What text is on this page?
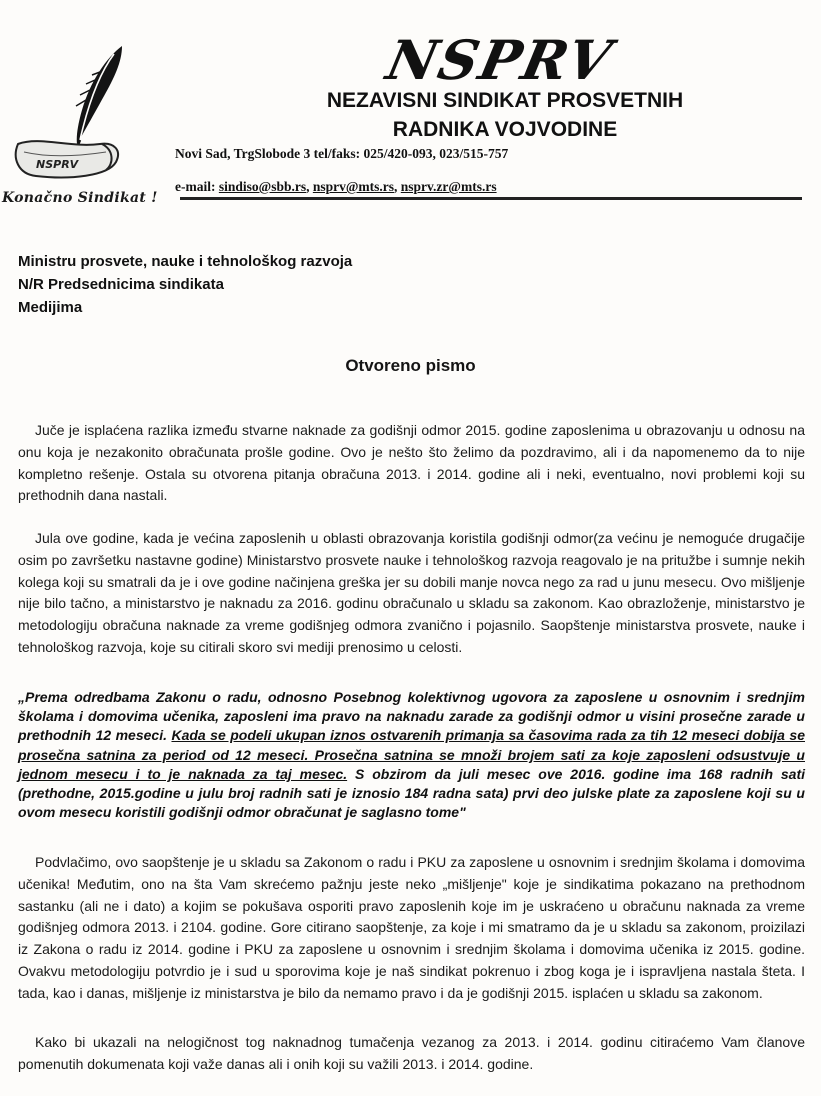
NSPRV
Konačno Sindikat !
NSPRV
NEZAVISNI SINDIKAT PROSVETNIH
RADNIKA VOJVODINE
Novi Sad, TrgSlobode 3 tel/faks: 025/420-093, 023/515-757
e-mail: sindiso@sbb.rs, nsprv@mts.rs, nsprv.zr@mts.rs
Ministru prosvete, nauke i tehnološkog razvoja
N/R Predsednicima sindikata
Medijima
Otvoreno pismo

Juče je isplaćena razlika između stvarne naknade za godišnji odmor 2015. godine zaposlenima u obrazovanju u odnosu na onu koja je nezakonito obračunata prošle godine. Ovo je nešto što želimo da pozdravimo, ali i da napomenemo da to nije kompletno rešenje. Ostala su otvorena pitanja obračuna 2013. i 2014. godine ali i neki, eventualno, novi problemi koji su prethodnih dana nastali.

Jula ove godine, kada je većina zaposlenih u oblasti obrazovanja koristila godišnji odmor(za većinu je nemoguće drugačije osim po završetku nastavne godine) Ministarstvo prosvete nauke i tehnološkog razvoja reagovalo je na pritužbe i sumnje nekih kolega koji su smatrali da je i ove godine načinjena greška jer su dobili manje novca nego za rad u junu mesecu. Ovo mišljenje nije bilo tačno, a ministarstvo je naknadu za 2016. godinu obračunalo u skladu sa zakonom. Kao obrazloženje, ministarstvo je metodologiju obračuna naknade za vreme godišnjeg odmora zvanično i pojasnilo. Saopštenje ministarstva prosvete, nauke i tehnološkog razvoja, koje su citirali skoro svi mediji prenosimo u celosti.

„Prema odredbama Zakonu o radu, odnosno Posebnog kolektivnog ugovora za zaposlene u osnovnim i srednjim školama i domovima učenika, zaposleni ima pravo na naknadu zarade za godišnji odmor u visini prosečne zarade u prethodnih 12 meseci. Kada se podeli ukupan iznos ostvarenih primanja sa časovima rada za tih 12 meseci dobija se prosečna satnina za period od 12 meseci. Prosečna satnina se množi brojem sati za koje zaposleni odsustvuje u jednom mesecu i to je naknada za taj mesec. S obzirom da juli mesec ove 2016. godine ima 168 radnih sati (prethodne, 2015.godine u julu broj radnih sati je iznosio 184 radna sata) prvi deo julske plate za zaposlene koji su u ovom mesecu koristili godišnji odmor obračunat je saglasno tome"

Podvlačimo, ovo saopštenje je u skladu sa Zakonom o radu i PKU za zaposlene u osnovnim i srednjim školama i domovima učenika! Međutim, ono na šta Vam skrećemo pažnju jeste neko „mišljenje" koje je sindikatima pokazano na prethodnom sastanku (ali ne i dato) a kojim se pokušava osporiti pravo zaposlenih koje im je uskraćeno u obračunu naknada za vreme godišnjeg odmora 2013. i 2104. godine. Gore citirano saopštenje, za koje i mi smatramo da je u skladu sa zakonom, proizilazi iz Zakona o radu iz 2014. godine i PKU za zaposlene u osnovnim i srednjim školama i domovima učenika iz 2015. godine. Ovakvu metodologiju potvrdio je i sud u sporovima koje je naš sindikat pokrenuo i zbog koga je i ispravljena nastala šteta. I tada, kao i danas, mišljenje iz ministarstva je bilo da nemamo pravo i da je godišnji 2015. isplaćen u skladu sa zakonom.

Kako bi ukazali na nelogičnost tog naknadnog tumačenja vezanog za 2013. i 2014. godinu citiraćemo Vam članove pomenutih dokumenata koji važe danas ali i onih koji su važili 2013. i 2014. godine.
